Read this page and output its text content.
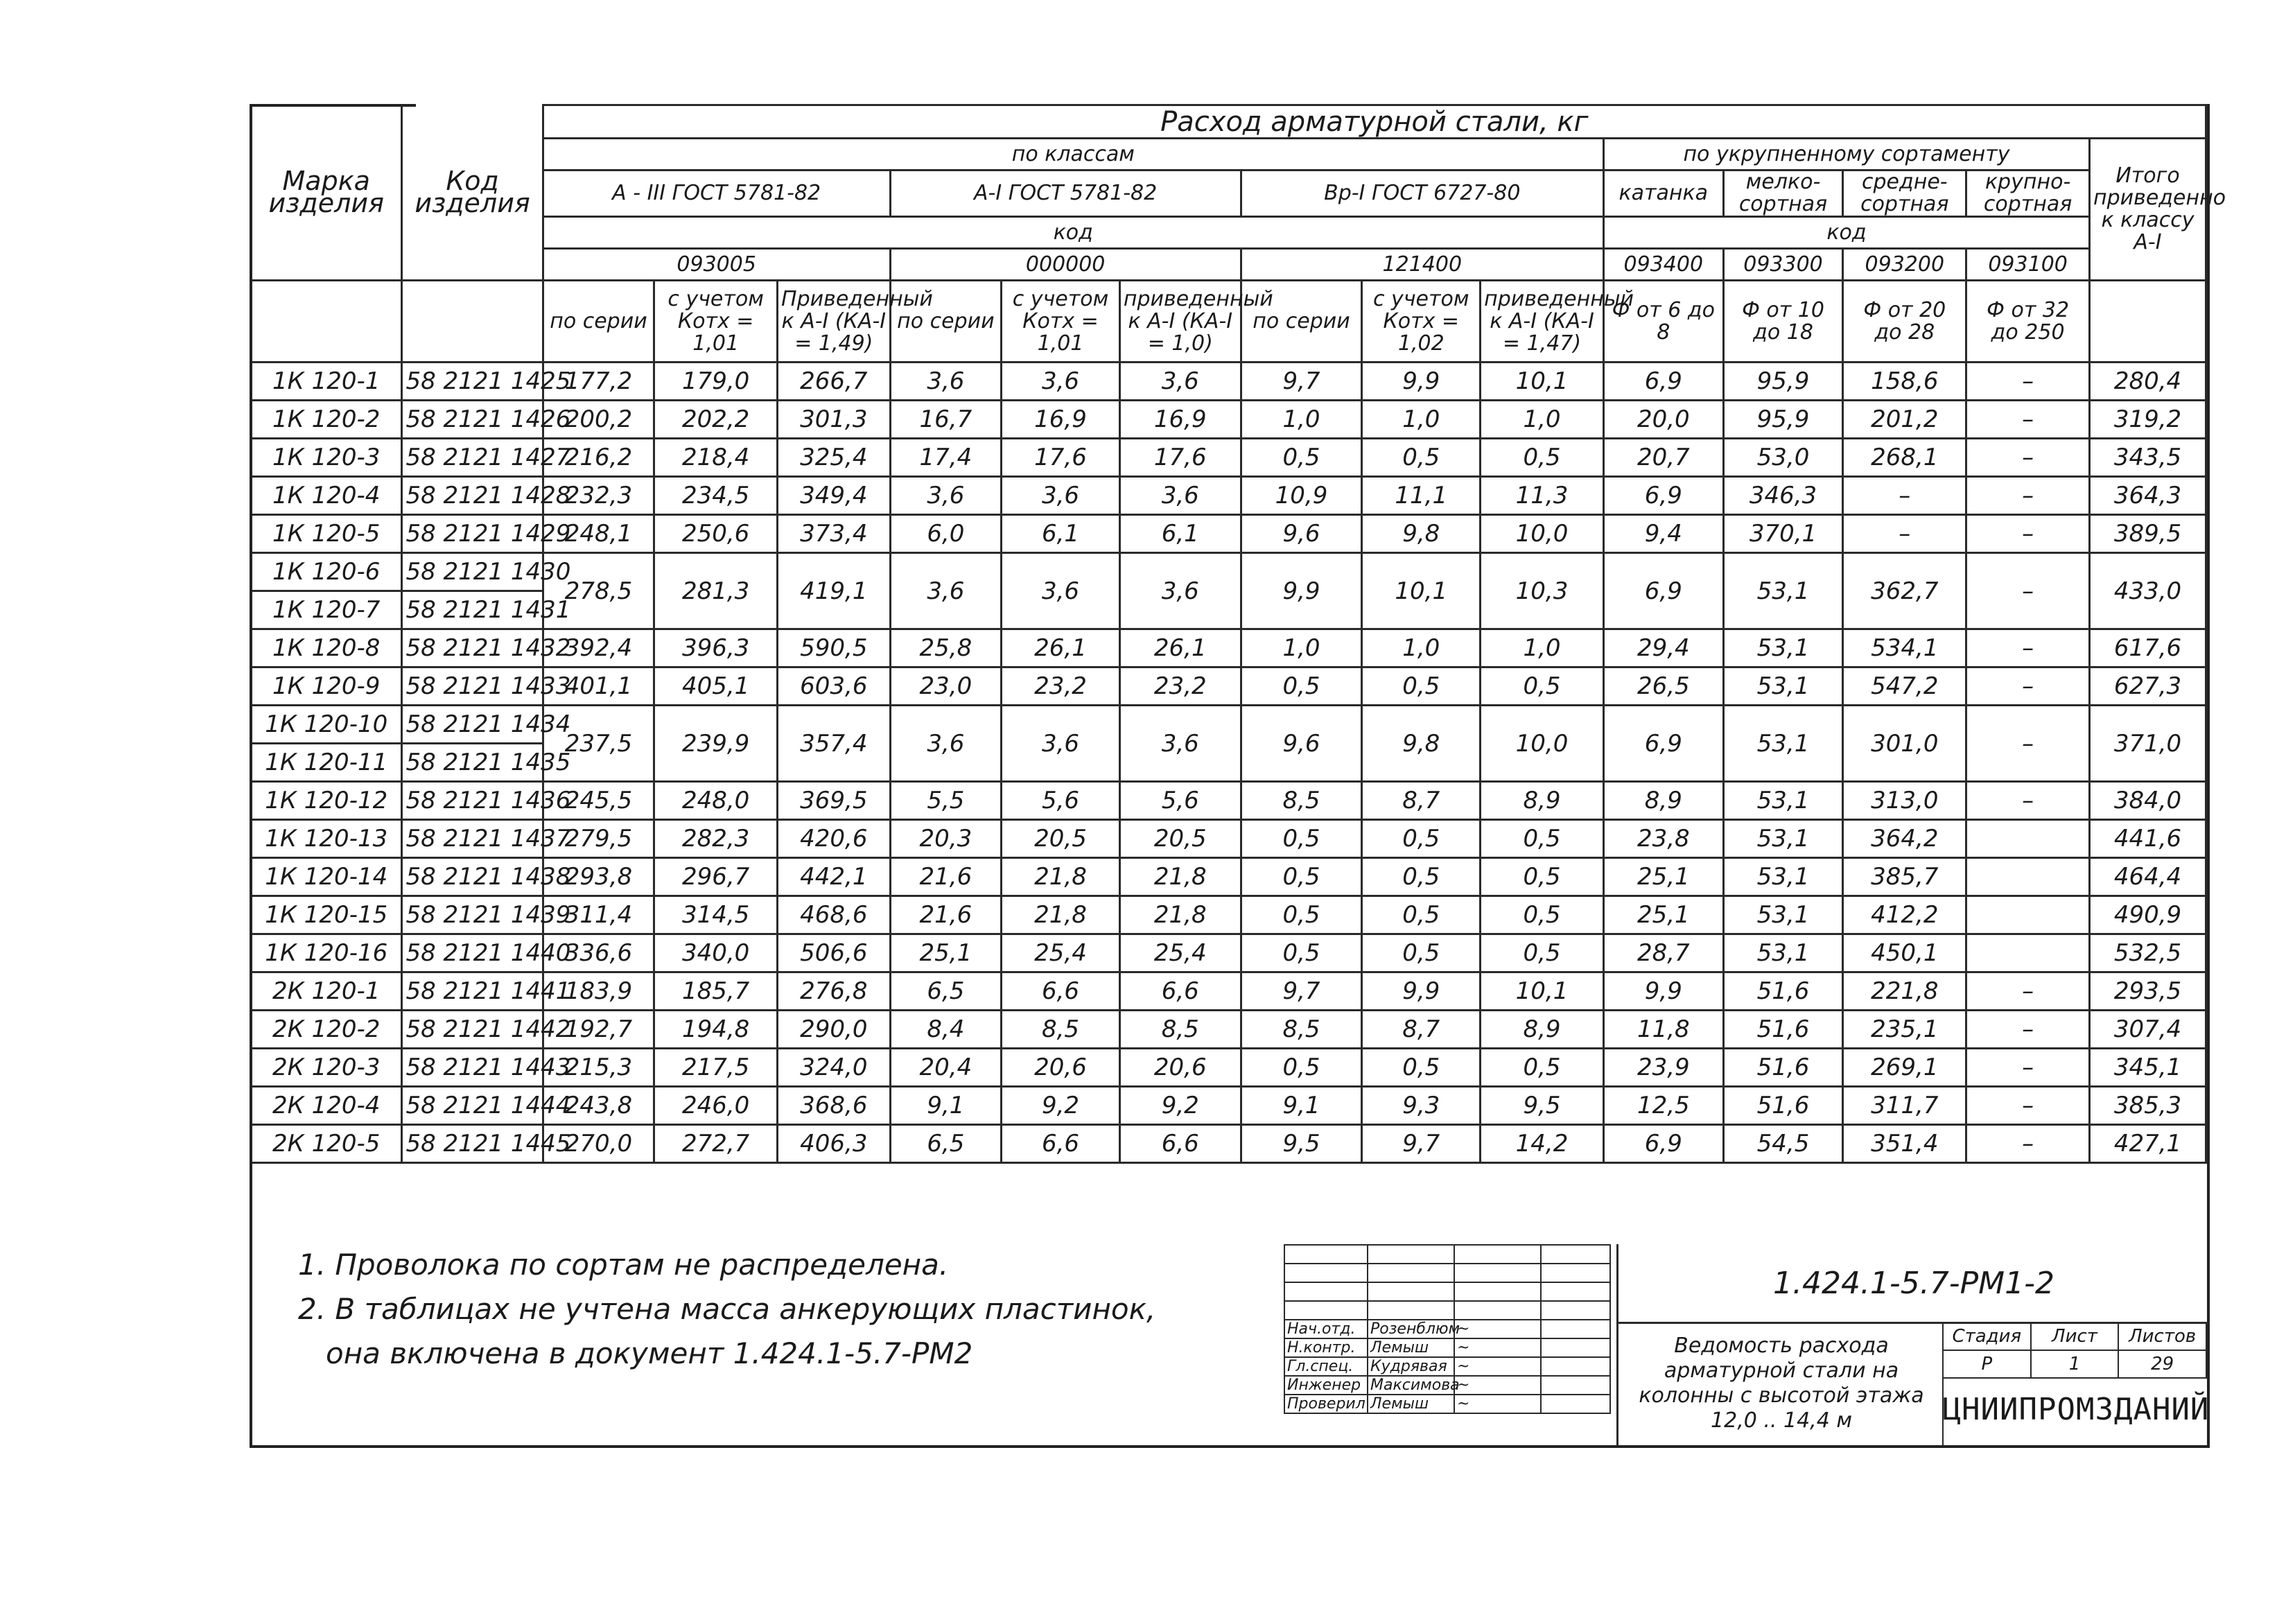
Марка изделия	Код изделия	Расход арматурной стали, кг													
		по классам									по укрупненному сортаменту				Итого приведенно к классу А-I
		А - III ГОСТ 5781-82			А-I ГОСТ 5781-82			Вр-I ГОСТ 6727-80			катанка	мелко-сортная	средне-сортная	крупно-сортная	
		код									код				
		093005			000000			121400			093400	093300	093200	093100	
		по серии	с учетом Котх = 1,01	Приведенный к А-I (КА-I = 1,49)	по серии	с учетом Котх = 1,01	приведенный к А-I (КА-I = 1,0)	по серии	с учетом Котх = 1,02	приведенный к А-I (КА-I = 1,47)	Ф от 6 до 8	Ф от 10 до 18	Ф от 20 до 28	Ф от 32 до 250	
1К 120-1	58 2121 1425	177,2	179,0	266,7	3,6	3,6	3,6	9,7	9,9	10,1	6,9	95,9	158,6	–	280,4
1К 120-2	58 2121 1426	200,2	202,2	301,3	16,7	16,9	16,9	1,0	1,0	1,0	20,0	95,9	201,2	–	319,2
1К 120-3	58 2121 1427	216,2	218,4	325,4	17,4	17,6	17,6	0,5	0,5	0,5	20,7	53,0	268,1	–	343,5
1К 120-4	58 2121 1428	232,3	234,5	349,4	3,6	3,6	3,6	10,9	11,1	11,3	6,9	346,3	–	–	364,3
1К 120-5	58 2121 1429	248,1	250,6	373,4	6,0	6,1	6,1	9,6	9,8	10,0	9,4	370,1	–	–	389,5
1К 120-6	58 2121 1430	278,5	281,3	419,1	3,6	3,6	3,6	9,9	10,1	10,3	6,9	53,1	362,7	–	433,0
1К 120-7	58 2121 1431														
1К 120-8	58 2121 1432	392,4	396,3	590,5	25,8	26,1	26,1	1,0	1,0	1,0	29,4	53,1	534,1	–	617,6
1К 120-9	58 2121 1433	401,1	405,1	603,6	23,0	23,2	23,2	0,5	0,5	0,5	26,5	53,1	547,2	–	627,3
1К 120-10	58 2121 1434	237,5	239,9	357,4	3,6	3,6	3,6	9,6	9,8	10,0	6,9	53,1	301,0	–	371,0
1К 120-11	58 2121 1435														
1К 120-12	58 2121 1436	245,5	248,0	369,5	5,5	5,6	5,6	8,5	8,7	8,9	8,9	53,1	313,0	–	384,0
1К 120-13	58 2121 1437	279,5	282,3	420,6	20,3	20,5	20,5	0,5	0,5	0,5	23,8	53,1	364,2		441,6
1К 120-14	58 2121 1438	293,8	296,7	442,1	21,6	21,8	21,8	0,5	0,5	0,5	25,1	53,1	385,7		464,4
1К 120-15	58 2121 1439	311,4	314,5	468,6	21,6	21,8	21,8	0,5	0,5	0,5	25,1	53,1	412,2		490,9
1К 120-16	58 2121 1440	336,6	340,0	506,6	25,1	25,4	25,4	0,5	0,5	0,5	28,7	53,1	450,1		532,5
2К 120-1	58 2121 1441	183,9	185,7	276,8	6,5	6,6	6,6	9,7	9,9	10,1	9,9	51,6	221,8	–	293,5
2К 120-2	58 2121 1442	192,7	194,8	290,0	8,4	8,5	8,5	8,5	8,7	8,9	11,8	51,6	235,1	–	307,4
2К 120-3	58 2121 1443	215,3	217,5	324,0	20,4	20,6	20,6	0,5	0,5	0,5	23,9	51,6	269,1	–	345,1
2К 120-4	58 2121 1444	243,8	246,0	368,6	9,1	9,2	9,2	9,1	9,3	9,5	12,5	51,6	311,7	–	385,3
2К 120-5	58 2121 1445	270,0	272,7	406,3	6,5	6,6	6,6	9,5	9,7	14,2	6,9	54,5	351,4	–	427,1
1. Проволока по сортам не распределена.
2. В таблицах не учтена масса анкерующих пластинок,
она включена в документ 1.424.1-5.7-РМ2

Нач.отд.	Розенблюм	~	
Н.контр.	Лемыш	~	
Гл.спец.	Кудрявая	~	
Инженер	Максимова	~	
Проверил	Лемыш	~	
1.424.1-5.7-РМ1-2
Ведомость расхода
арматурной стали на
колонны с высотой этажа
12,0 .. 14,4 м
Стадия	Лист	Листов
Р	1	29
ЦНИИПРОМЗДАНИЙ
